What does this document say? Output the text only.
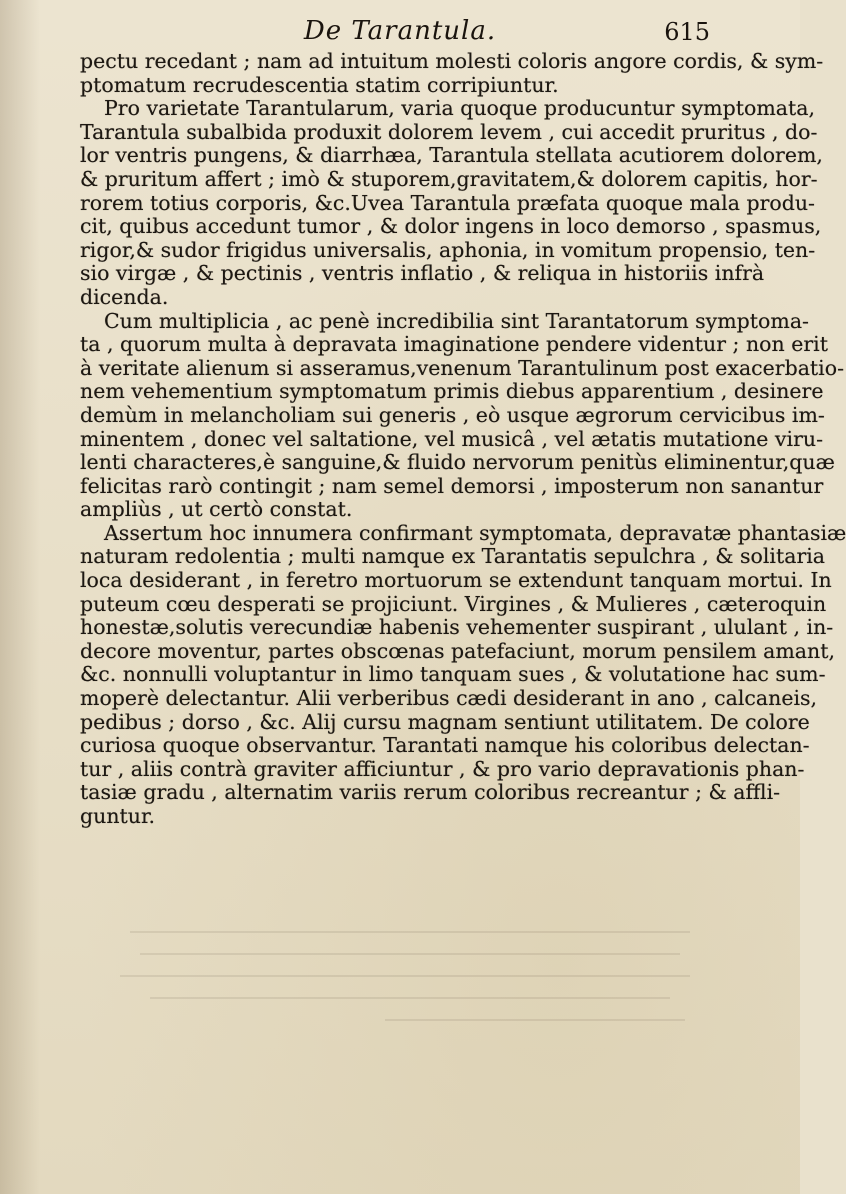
De Tarantula.	615
pectu recedant ; nam ad intuitum molesti coloris angore cordis, & sym-
ptomatum recrudescentia statim corripiuntur.
Pro varietate Tarantularum, varia quoque producuntur symptomata,
Tarantula subalbida produxit dolorem levem , cui accedit pruritus , do-
lor ventris pungens, & diarrhæa, Tarantula stellata acutiorem dolorem,
& pruritum affert ; imò & stuporem,gravitatem,& dolorem capitis, hor-
rorem totius corporis, &c.Uvea Tarantula præfata quoque mala produ-
cit, quibus accedunt tumor , & dolor ingens in loco demorso , spasmus,
rigor,& sudor frigidus universalis, aphonia, in vomitum propensio, ten-
sio virgæ , & pectinis , ventris inflatio , & reliqua in historiis infrà
dicenda.
Cum multiplicia , ac penè incredibilia sint Tarantatorum symptoma-
ta , quorum multa à depravata imaginatione pendere videntur ; non erit
à veritate alienum si asseramus,venenum Tarantulinum post exacerbatio-
nem vehementium symptomatum primis diebus apparentium , desinere
demùm in melancholiam sui generis , eò usque ægrorum cervicibus im-
minentem , donec vel saltatione, vel musicâ , vel ætatis mutatione viru-
lenti characteres,è sanguine,& fluido nervorum penitùs eliminentur,quæ
felicitas rarò contingit ; nam semel demorsi , imposterum non sanantur
ampliùs , ut certò constat.
Assertum hoc innumera confirmant symptomata, depravatæ phantasiæ
naturam redolentia ; multi namque ex Tarantatis sepulchra , & solitaria
loca desiderant , in feretro mortuorum se extendunt tanquam mortui. In
puteum cœu desperati se projiciunt. Virgines , & Mulieres , cæteroquin
honestæ,solutis verecundiæ habenis vehementer suspirant , ululant , in-
decore moventur, partes obscœnas patefaciunt, morum pensilem amant,
&c. nonnulli voluptantur in limo tanquam sues , & volutatione hac sum-
moperè delectantur. Alii verberibus cædi desiderant in ano , calcaneis,
pedibus ; dorso , &c. Alij cursu magnam sentiunt utilitatem. De colore
curiosa quoque observantur. Tarantati namque his coloribus delectan-
tur , aliis contrà graviter afficiuntur , & pro vario depravationis phan-
tasiæ gradu , alternatim variis rerum coloribus recreantur ; & affli-
guntur.
